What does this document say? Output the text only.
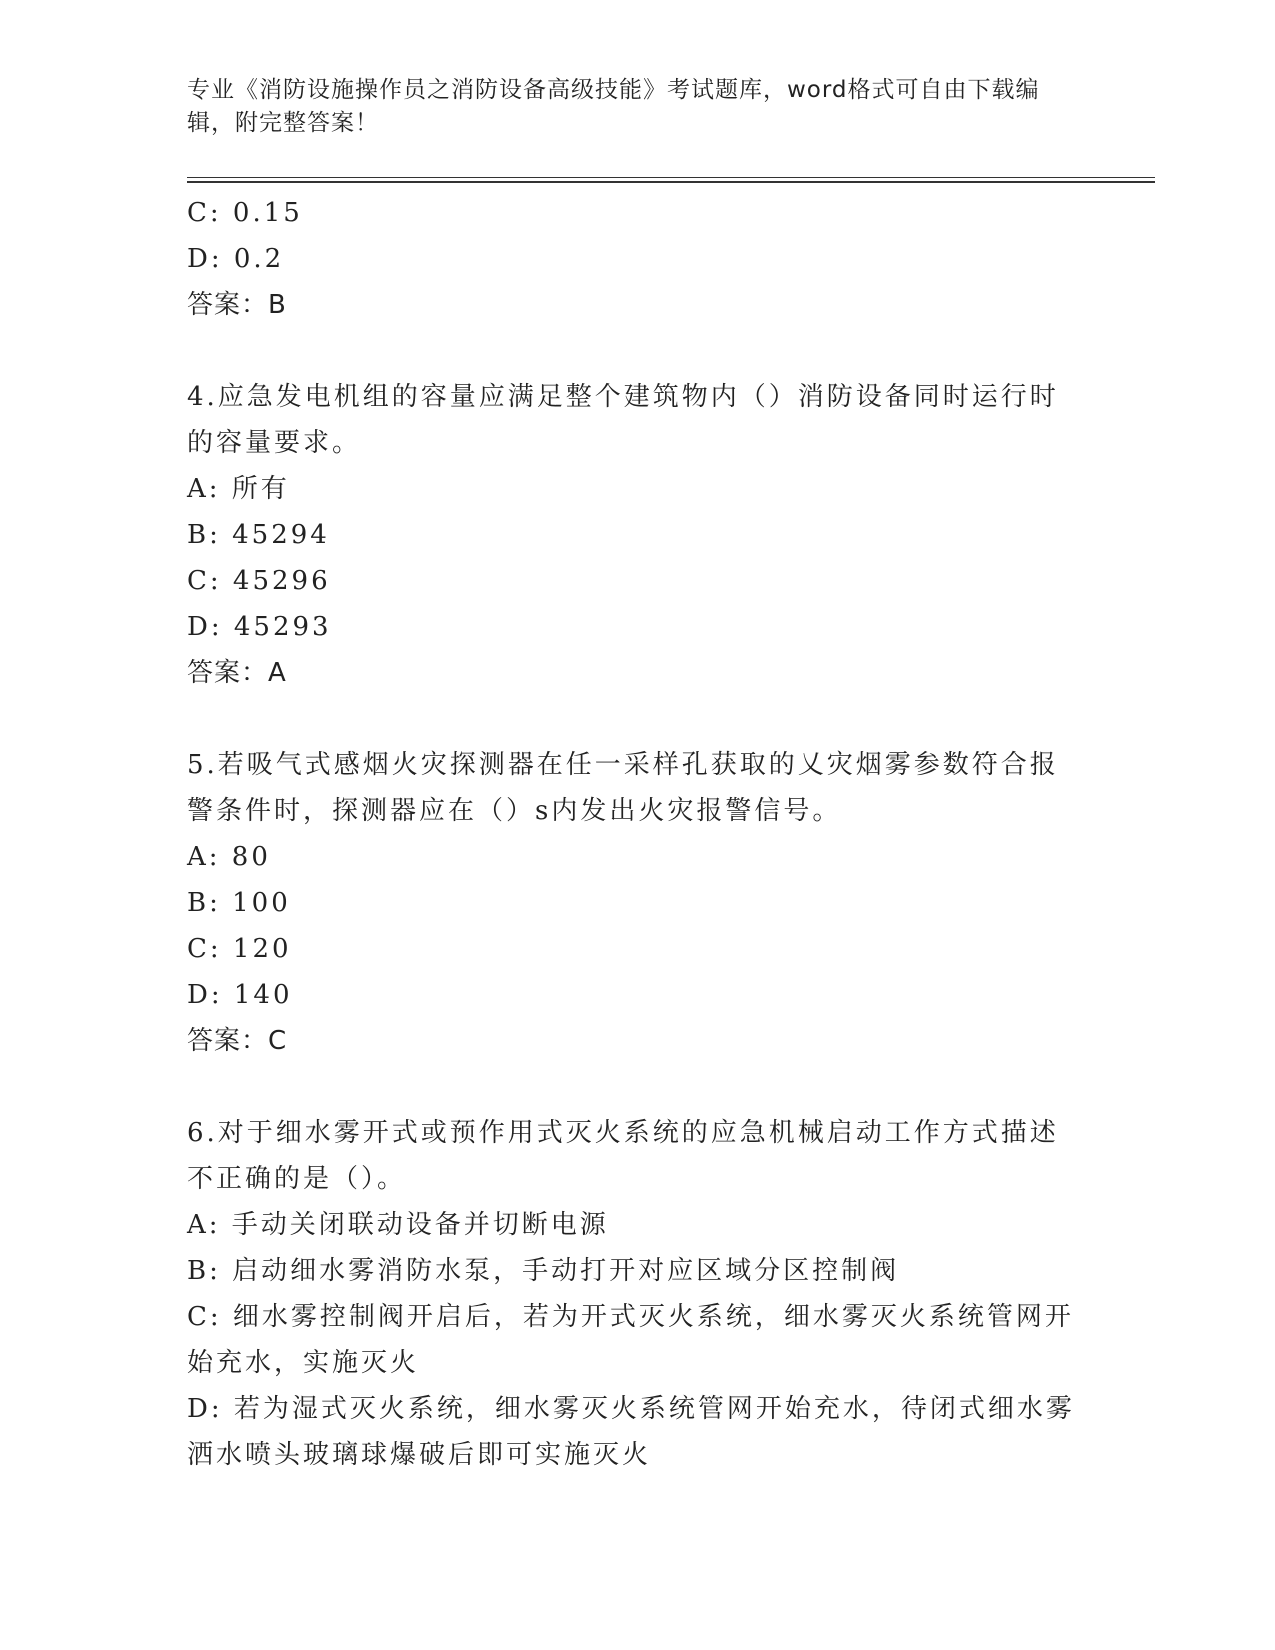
专业《消防设施操作员之消防设备高级技能》考试题库，word格式可自由下载编辑，附完整答案！

C: 0.15

D: 0.2

答案：B

4.应急发电机组的容量应满足整个建筑物内（）消防设备同时运行时

的容量要求。

A: 所有

B: 45294

C: 45296

D: 45293

答案：A

5.若吸气式感烟火灾探测器在任一采样孔获取的乂灾烟雾参数符合报

警条件时，探测器应在（）s内发出火灾报警信号。

A: 80

B: 100

C: 120

D: 140

答案：C

6.对于细水雾开式或预作用式灭火系统的应急机械启动工作方式描述

不正确的是（）。

A: 手动关闭联动设备并切断电源

B: 启动细水雾消防水泵，手动打开对应区域分区控制阀

C: 细水雾控制阀开启后，若为开式灭火系统，细水雾灭火系统管网开

始充水，实施灭火

D: 若为湿式灭火系统，细水雾灭火系统管网开始充水，待闭式细水雾

洒水喷头玻璃球爆破后即可实施灭火
